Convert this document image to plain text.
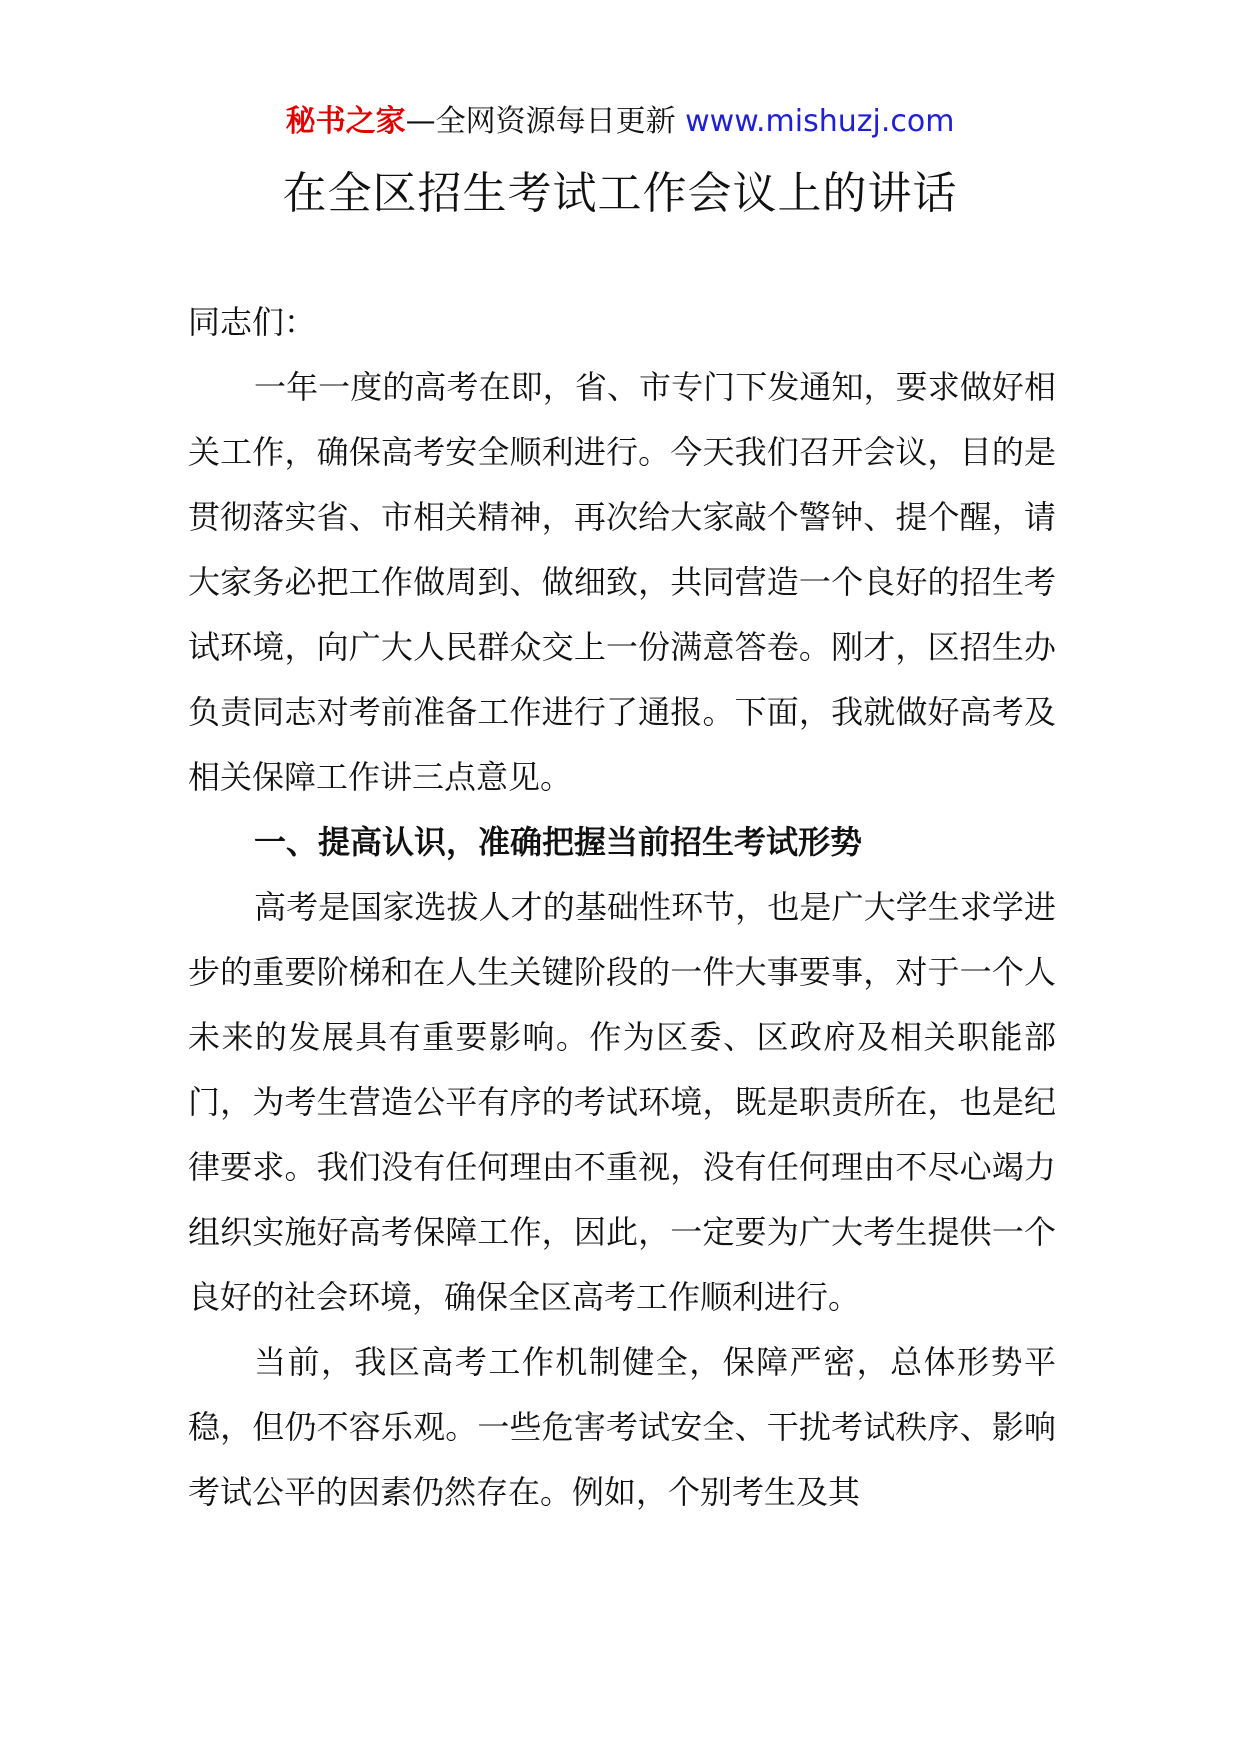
秘书之家—全网资源每日更新 www.mishuzj.com
在全区招生考试工作会议上的讲话

同志们：

一年一度的高考在即，省、市专门下发通知，要求做好相关工作，确保高考安全顺利进行。今天我们召开会议，目的是贯彻落实省、市相关精神，再次给大家敲个警钟、提个醒，请大家务必把工作做周到、做细致，共同营造一个良好的招生考试环境，向广大人民群众交上一份满意答卷。刚才，区招生办负责同志对考前准备工作进行了通报。下面，我就做好高考及相关保障工作讲三点意见。

一、提高认识，准确把握当前招生考试形势

高考是国家选拔人才的基础性环节，也是广大学生求学进步的重要阶梯和在人生关键阶段的一件大事要事，对于一个人未来的发展具有重要影响。作为区委、区政府及相关职能部门，为考生营造公平有序的考试环境，既是职责所在，也是纪律要求。我们没有任何理由不重视，没有任何理由不尽心竭力组织实施好高考保障工作，因此，一定要为广大考生提供一个良好的社会环境，确保全区高考工作顺利进行。

当前，我区高考工作机制健全，保障严密，总体形势平稳，但仍不容乐观。一些危害考试安全、干扰考试秩序、影响考试公平的因素仍然存在。例如，个别考生及其
